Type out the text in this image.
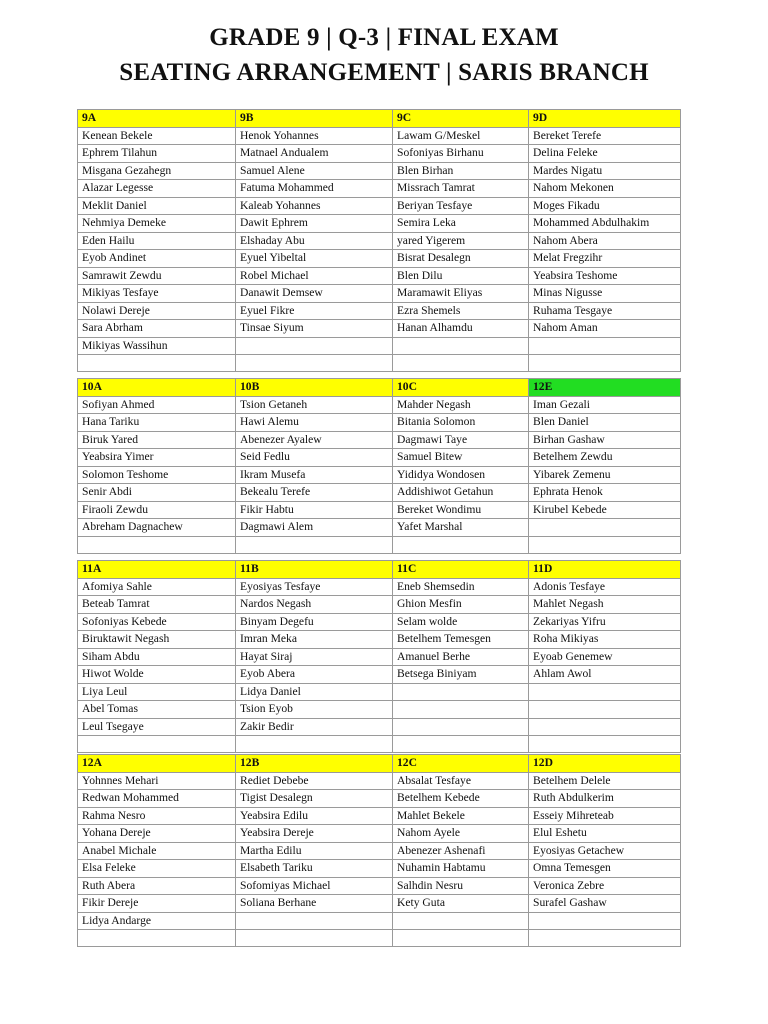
GRADE 9 | Q-3 | FINAL EXAM
SEATING ARRANGEMENT | SARIS BRANCH
9A	9B	9C	9D
Kenean Bekele	Henok Yohannes	Lawam G/Meskel	Bereket Terefe
Ephrem Tilahun	Matnael Andualem	Sofoniyas Birhanu	Delina Feleke
Misgana Gezahegn	Samuel Alene	Blen Birhan	Mardes Nigatu
Alazar Legesse	Fatuma Mohammed	Missrach Tamrat	Nahom Mekonen
Meklit Daniel	Kaleab Yohannes	Beriyan Tesfaye	Moges Fikadu
Nehmiya Demeke	Dawit Ephrem	Semira Leka	Mohammed Abdulhakim
Eden Hailu	Elshaday Abu	yared Yigerem	Nahom Abera
Eyob Andinet	Eyuel Yibeltal	Bisrat Desalegn	Melat Fregzihr
Samrawit Zewdu	Robel Michael	Blen Dilu	Yeabsira Teshome
Mikiyas Tesfaye	Danawit Demsew	Maramawit Eliyas	Minas Nigusse
Nolawi Dereje	Eyuel Fikre	Ezra Shemels	Ruhama Tesgaye
Sara Abrham	Tinsae Siyum	Hanan Alhamdu	Nahom Aman
Mikiyas Wassihun			

10A	10B	10C	12E
Sofiyan Ahmed	Tsion Getaneh	Mahder Negash	Iman Gezali
Hana Tariku	Hawi Alemu	Bitania Solomon	Blen Daniel
Biruk Yared	Abenezer Ayalew	Dagmawi Taye	Birhan Gashaw
Yeabsira Yimer	Seid Fedlu	Samuel Bitew	Betelhem Zewdu
Solomon Teshome	Ikram Musefa	Yididya Wondosen	Yibarek Zemenu
Senir Abdi	Bekealu Terefe	Addishiwot Getahun	Ephrata Henok
Firaoli Zewdu	Fikir Habtu	Bereket Wondimu	Kirubel Kebede
Abreham Dagnachew	Dagmawi Alem	Yafet Marshal	

11A	11B	11C	11D
Afomiya Sahle	Eyosiyas Tesfaye	Eneb Shemsedin	Adonis Tesfaye
Beteab Tamrat	Nardos Negash	Ghion Mesfin	Mahlet Negash
Sofoniyas Kebede	Binyam Degefu	Selam wolde	Zekariyas Yifru
Biruktawit Negash	Imran Meka	Betelhem Temesgen	Roha Mikiyas
Siham Abdu	Hayat Siraj	Amanuel Berhe	Eyoab Genemew
Hiwot Wolde	Eyob Abera	Betsega Biniyam	Ahlam Awol
Liya Leul	Lidya Daniel		
Abel Tomas	Tsion Eyob		
Leul Tsegaye	Zakir Bedir		

12A	12B	12C	12D
Yohnnes Mehari	Rediet Debebe	Absalat Tesfaye	Betelhem Delele
Redwan Mohammed	Tigist Desalegn	Betelhem Kebede	Ruth Abdulkerim
Rahma Nesro	Yeabsira Edilu	Mahlet Bekele	Esseiy Mihreteab
Yohana Dereje	Yeabsira Dereje	Nahom Ayele	Elul Eshetu
Anabel Michale	Martha Edilu	Abenezer Ashenafi	Eyosiyas Getachew
Elsa Feleke	Elsabeth Tariku	Nuhamin Habtamu	Omna Temesgen
Ruth Abera	Sofomiyas Michael	Salhdin Nesru	Veronica Zebre
Fikir Dereje	Soliana Berhane	Kety Guta	Surafel Gashaw
Lidya Andarge			
